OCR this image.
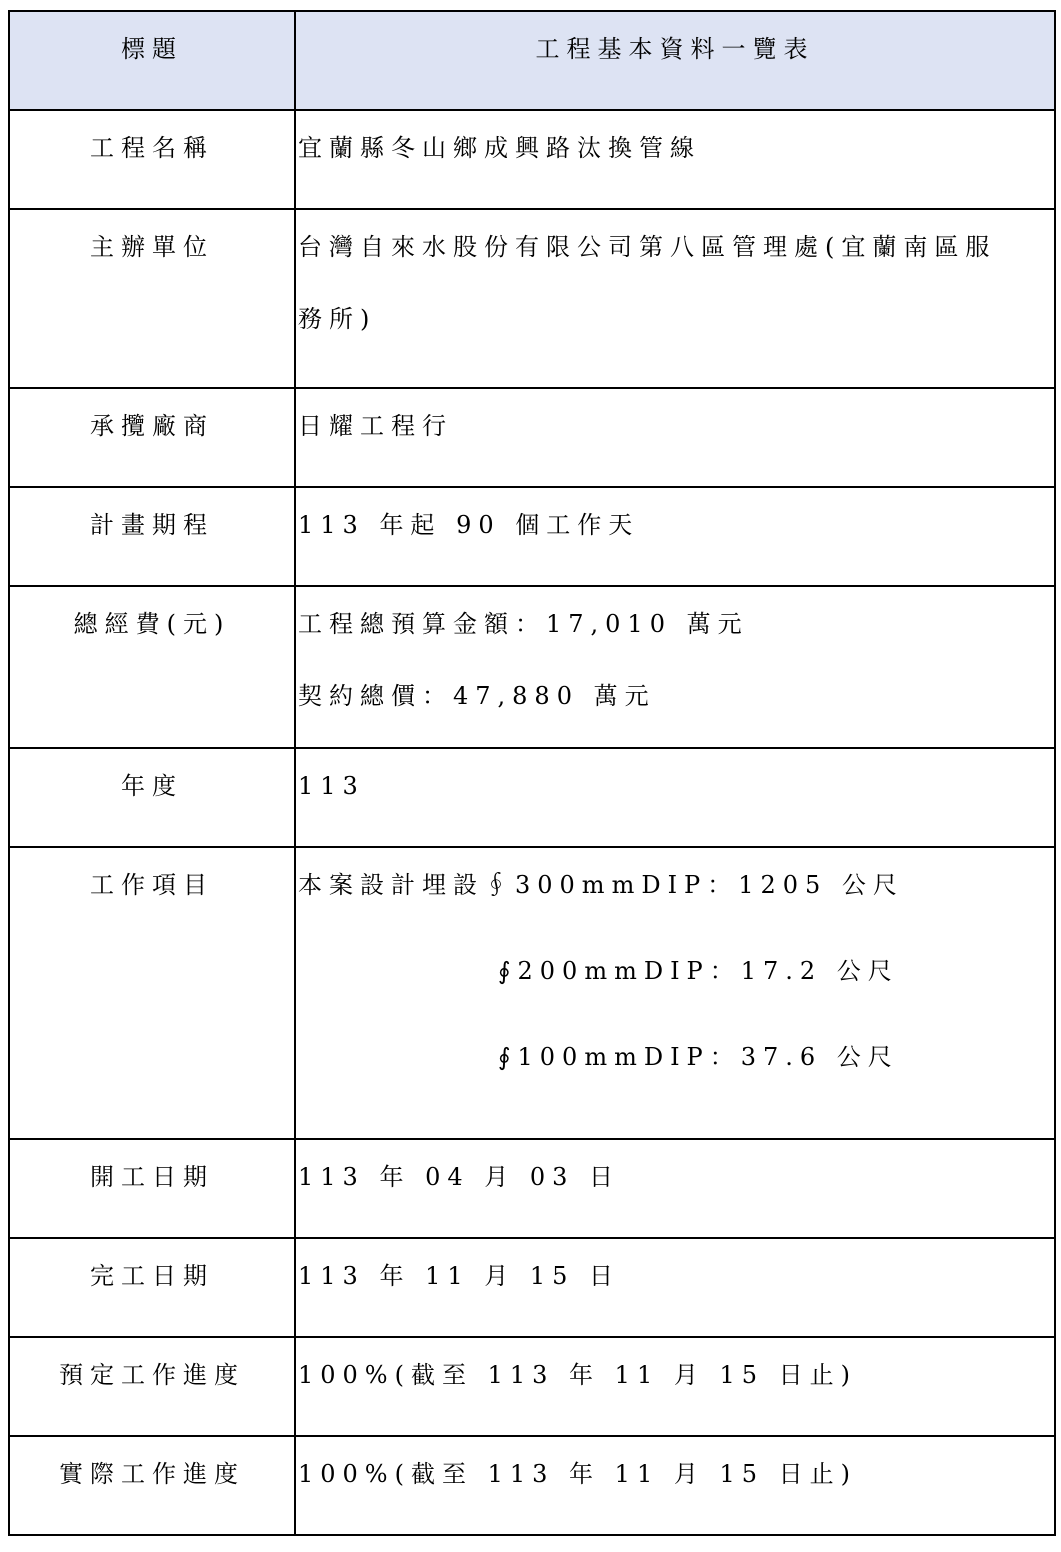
標題	工程基本資料一覽表
工程名稱	宜蘭縣冬山鄉成興路汰換管線

主辦單位	台灣自來水股份有限公司第八區管理處(宜蘭南區服
務所)

承攬廠商	日耀工程行

計畫期程	113 年起 90 個工作天

總經費(元)	工程總預算金額：17,010 萬元
契約總價：47,880 萬元

年度	113

工作項目	本案設計埋設∮300mmDIP：1205 公尺
∮200mmDIP：17.2 公尺
∮100mmDIP：37.6 公尺

開工日期	113 年 04 月 03 日

完工日期	113 年 11 月 15 日

預定工作進度	100%(截至 113 年 11 月 15 日止)

實際工作進度	100%(截至 113 年 11 月 15 日止)
